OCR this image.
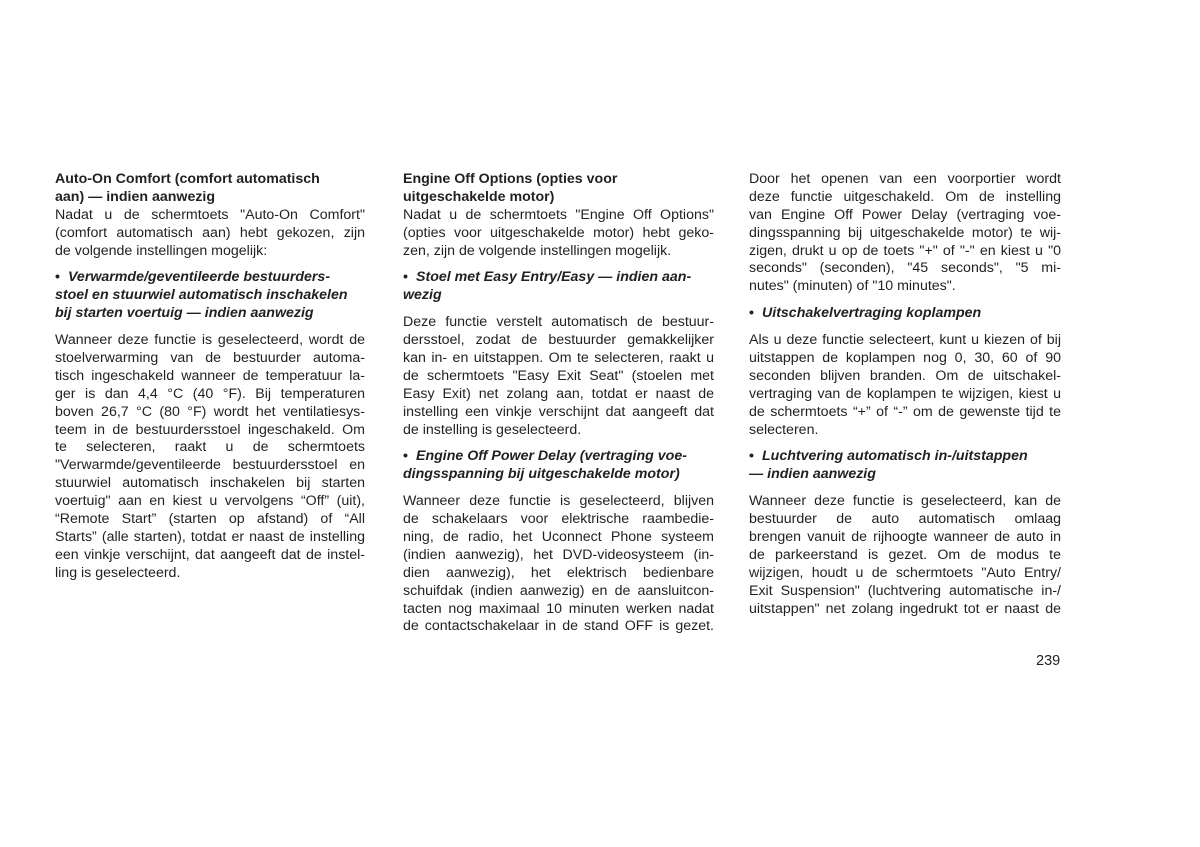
Auto-On Comfort (comfort automatisch
aan) — indien aanwezig
Nadat u de schermtoets "Auto-On Comfort"
(comfort automatisch aan) hebt gekozen, zijn
de volgende instellingen mogelijk:
• Verwarmde/geventileerde bestuurders-
stoel en stuurwiel automatisch inschakelen
bij starten voertuig — indien aanwezig
Wanneer deze functie is geselecteerd, wordt de
stoelverwarming van de bestuurder automa-
tisch ingeschakeld wanneer de temperatuur la-
ger is dan 4,4 °C (40 °F). Bij temperaturen
boven 26,7 °C (80 °F) wordt het ventilatiesys-
teem in de bestuurdersstoel ingeschakeld. Om
te selecteren, raakt u de schermtoets
"Verwarmde/geventileerde bestuurdersstoel en
stuurwiel automatisch inschakelen bij starten
voertuig" aan en kiest u vervolgens “Off” (uit),
“Remote Start” (starten op afstand) of “All
Starts” (alle starten), totdat er naast de instelling
een vinkje verschijnt, dat aangeeft dat de instel-
ling is geselecteerd.
Engine Off Options (opties voor
uitgeschakelde motor)
Nadat u de schermtoets "Engine Off Options"
(opties voor uitgeschakelde motor) hebt geko-
zen, zijn de volgende instellingen mogelijk.
• Stoel met Easy Entry/Easy — indien aan-
wezig
Deze functie verstelt automatisch de bestuur-
dersstoel, zodat de bestuurder gemakkelijker
kan in- en uitstappen. Om te selecteren, raakt u
de schermtoets "Easy Exit Seat" (stoelen met
Easy Exit) net zolang aan, totdat er naast de
instelling een vinkje verschijnt dat aangeeft dat
de instelling is geselecteerd.
• Engine Off Power Delay (vertraging voe-
dingsspanning bij uitgeschakelde motor)
Wanneer deze functie is geselecteerd, blijven
de schakelaars voor elektrische raambedie-
ning, de radio, het Uconnect Phone systeem
(indien aanwezig), het DVD-videosysteem (in-
dien aanwezig), het elektrisch bedienbare
schuifdak (indien aanwezig) en de aansluitcon-
tacten nog maximaal 10 minuten werken nadat
de contactschakelaar in de stand OFF is gezet.
Door het openen van een voorportier wordt
deze functie uitgeschakeld. Om de instelling
van Engine Off Power Delay (vertraging voe-
dingsspanning bij uitgeschakelde motor) te wij-
zigen, drukt u op de toets "+" of "-" en kiest u "0
seconds" (seconden), "45 seconds", "5 mi-
nutes" (minuten) of "10 minutes".
• Uitschakelvertraging koplampen
Als u deze functie selecteert, kunt u kiezen of bij
uitstappen de koplampen nog 0, 30, 60 of 90
seconden blijven branden. Om de uitschakel-
vertraging van de koplampen te wijzigen, kiest u
de schermtoets “+” of “-” om de gewenste tijd te
selecteren.
• Luchtvering automatisch in-/uitstappen
— indien aanwezig
Wanneer deze functie is geselecteerd, kan de
bestuurder de auto automatisch omlaag
brengen vanuit de rijhoogte wanneer de auto in
de parkeerstand is gezet. Om de modus te
wijzigen, houdt u de schermtoets "Auto Entry/
Exit Suspension" (luchtvering automatische in-/
uitstappen" net zolang ingedrukt tot er naast de
239
